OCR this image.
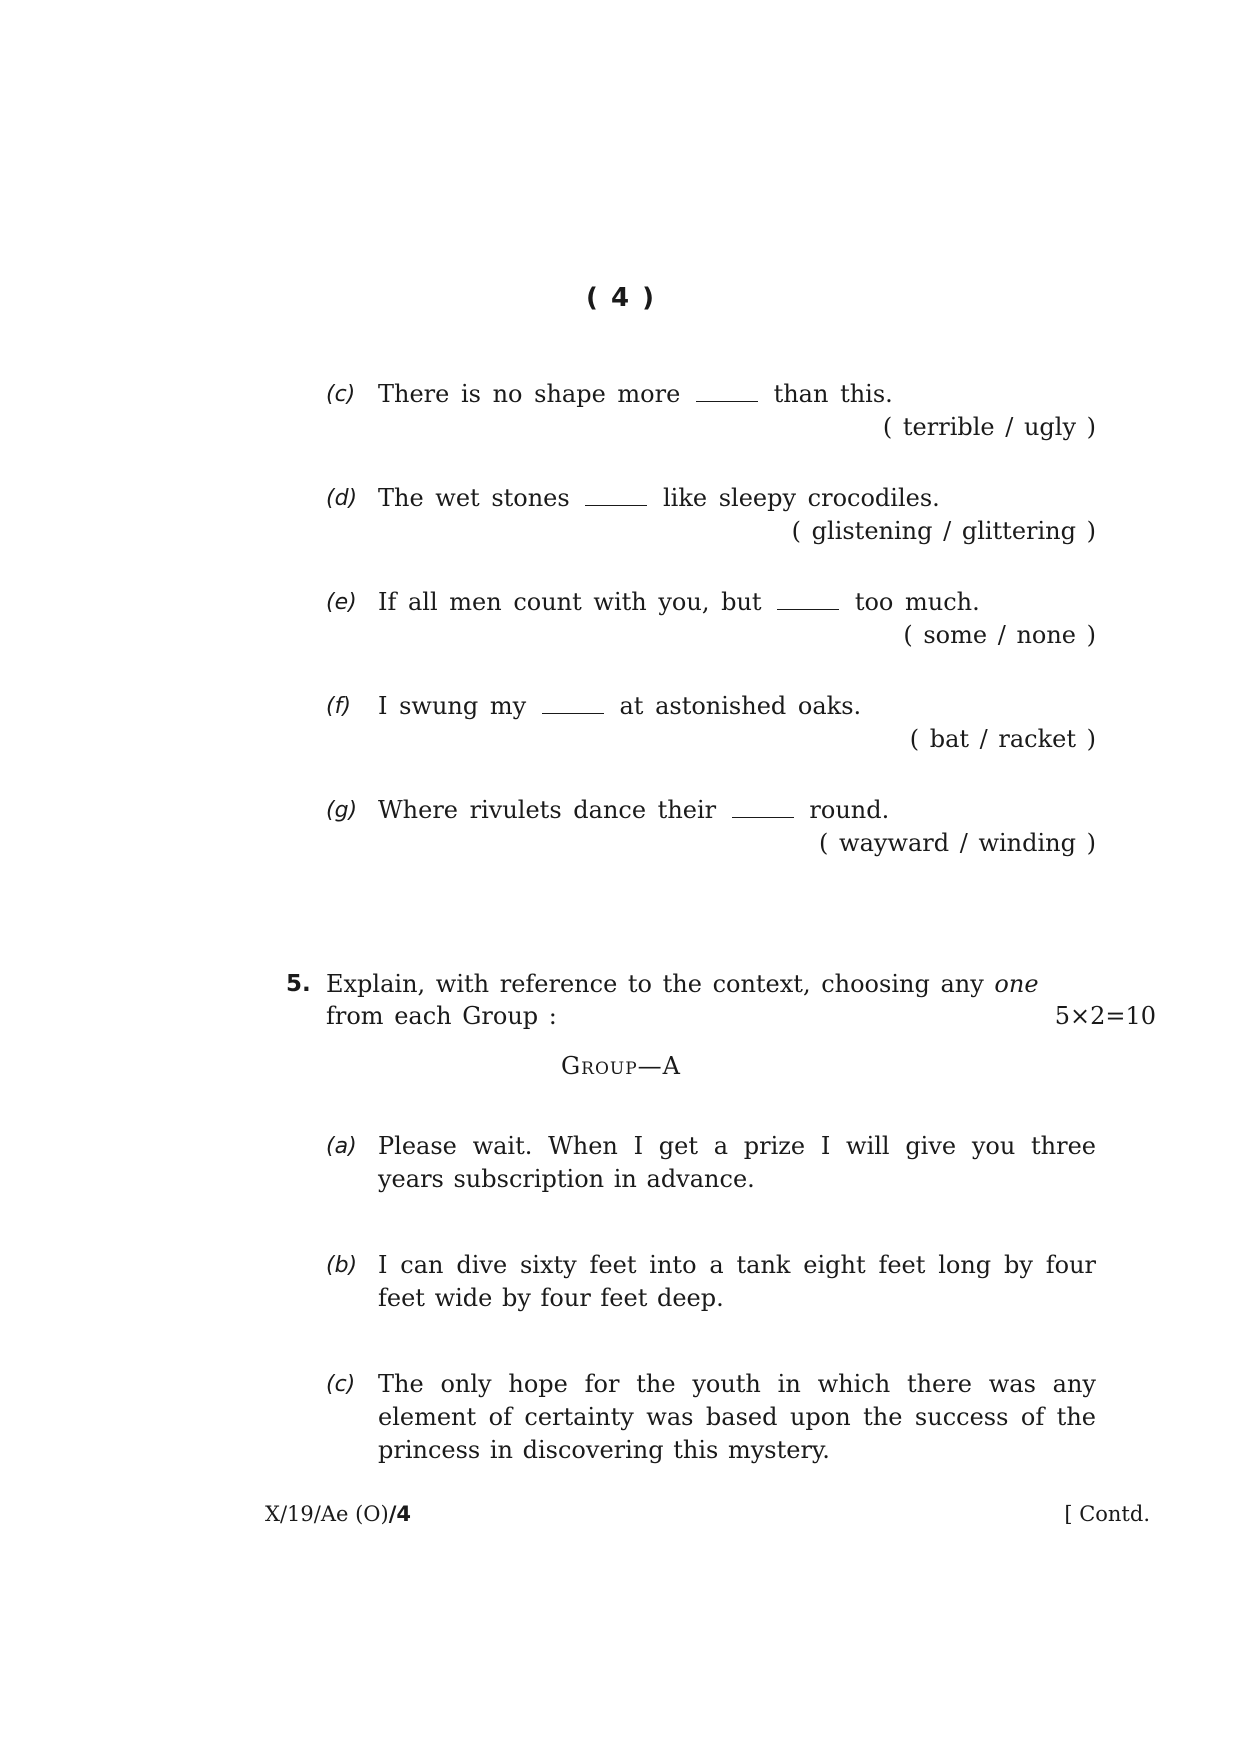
( 4 )
(c) There is no shape more	than this.
( terrible / ugly )
(d) The wet stones	like sleepy crocodiles.
( glistening / glittering )
(e) If all men count with you, but	too much.
( some / none )
(f) I swung my	at astonished oaks.
( bat / racket )
(g) Where rivulets dance their	round.
( wayward / winding )
5. Explain, with reference to the context, choosing any one from each Group :	5×2=10
Group—A
(a) Please wait. When I get a prize I will give you three years subscription in advance.
(b) I can dive sixty feet into a tank eight feet long by four feet wide by four feet deep.
(c) The only hope for the youth in which there was any element of certainty was based upon the success of the princess in discovering this mystery.
X/19/Ae (O)/4	[ Contd.
